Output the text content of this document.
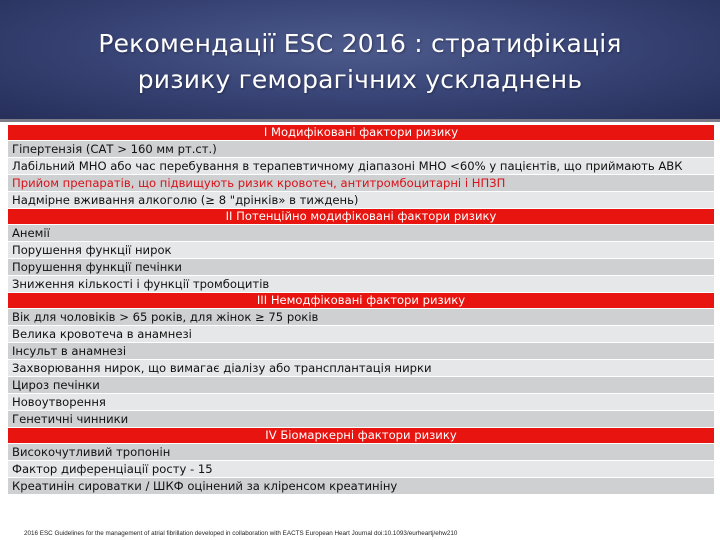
Рекомендації ESC 2016 : стратифікація
ризику геморагічних ускладнень
I Модифіковані фактори ризику
Гіпертензія (САТ > 160 мм рт.ст.)
Лабільний МНО або час перебування в терапевтичному діапазоні МНО <60% у пацієнтів, що приймають АВК
Прийом препаратів, що підвищують ризик кровотеч, антитромбоцитарні і НПЗП
Надмірне вживання алкоголю (≥ 8 "дрінків» в тиждень)
II Потенційно модифіковані фактори ризику
Анемії
Порушення функції нирок
Порушення функції печінки
Зниження кількості і функції тромбоцитів
III Немодфіковані фактори ризику
Вік для чоловіків > 65 років, для жінок ≥ 75 років
Велика кровотеча в анамнезі
Інсульт в анамнезі
Захворювання нирок, що вимагає діалізу або трансплантація нирки
Цироз печінки
Новоутворення
Генетичні чинники
IV Біомаркерні фактори ризику
Високочутливий тропонін
Фактор диференціації росту - 15
Креатинін сироватки / ШКФ оцінений за кліренсом креатиніну
2016 ESC Guidelines for the management of atrial fibrillation developed in collaboration with EACTS European Heart Journal doi:10.1093/eurheartj/ehw210
